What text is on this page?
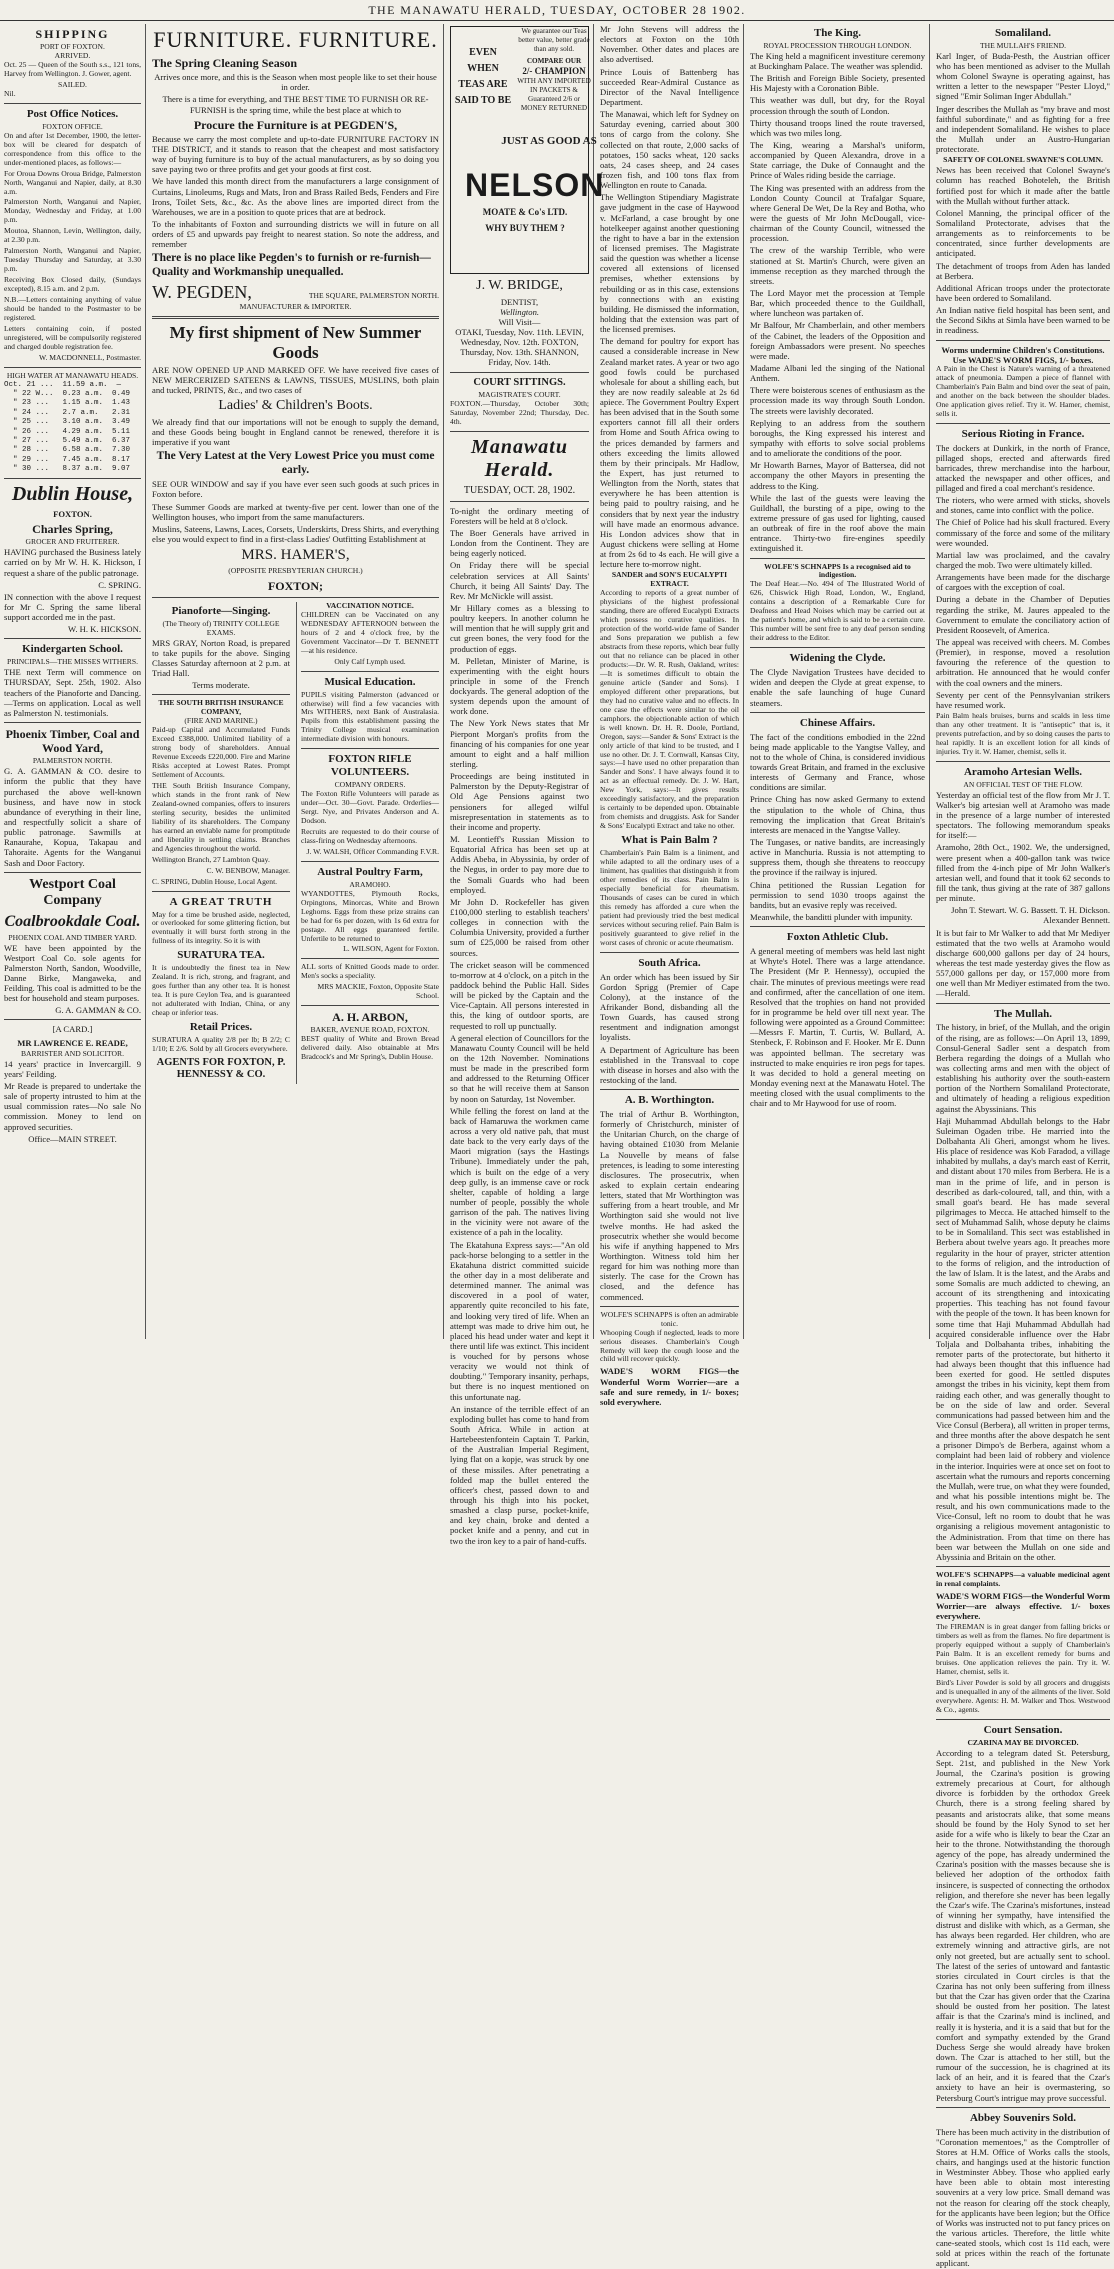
THE MANAWATU HERALD, TUESDAY, OCTOBER 28 1902.
SHIPPING
PORT OF FOXTON.
ARRIVED.

Oct. 25 — Queen of the South s.s., 121 tons, Harvey from Wellington. J. Gower, agent.

SAILED.

Nil.

Post Office Notices.
FOXTON OFFICE.

On and after 1st December, 1900, the letter-box will be cleared for despatch of correspondence from this office to the under-mentioned places, as follows:—

For Oroua Downs Oroua Bridge, Palmerston North, Wanganui and Napier, daily, at 8.30 a.m.

Palmerston North, Wanganui and Napier, Monday, Wednesday and Friday, at 1.00 p.m.

Moutoa, Shannon, Levin, Wellington, daily, at 2.30 p.m.

Palmerston North, Wanganui and Napier, Tuesday Thursday and Saturday, at 3.30 p.m.

Receiving Box Closed daily, (Sundays excepted), 8.15 a.m. and 2 p.m.

N.B.—Letters containing anything of value should be handed to the Postmaster to be registered.

Letters containing coin, if posted unregistered, will be compulsorily registered and charged double registration fee.

W. MACDONNELL, Postmaster.

HIGH WATER AT MANAWATU HEADS.
Oct. 21 ...  11.59 a.m.  —
" 22 W...  0.23 a.m.  0.49
" 23 ...   1.15 a.m.  1.43
" 24 ...   2.7 a.m.   2.31
" 25 ...   3.10 a.m.  3.49
" 26 ...   4.29 a.m.  5.11
" 27 ...   5.49 a.m.  6.37
" 28 ...   6.58 a.m.  7.30
" 29 ...   7.45 a.m.  8.17
" 30 ...   8.37 a.m.  9.07
Dublin House,
FOXTON.
Charles Spring,
GROCER AND FRUITERER.

HAVING purchased the Business lately carried on by Mr W. H. K. Hickson, I request a share of the public patronage.

C. SPRING.

IN connection with the above I request for Mr C. Spring the same liberal support accorded me in the past.

W. H. K. HICKSON.

Kindergarten School.
PRINCIPALS—THE MISSES WITHERS.

THE next Term will commence on THURSDAY, Sept. 25th, 1902. Also teachers of the Pianoforte and Dancing.—Terms on application. Local as well as Palmerston N. testimonials.

Phoenix Timber, Coal and Wood Yard,
PALMERSTON NORTH.

G. A. GAMMAN & CO. desire to inform the public that they have purchased the above well-known business, and have now in stock abundance of everything in their line, and respectfully solicit a share of public patronage. Sawmills at Ranaurahe, Kopua, Takapau and Tahoraite. Agents for the Wanganui Sash and Door Factory.

Westport Coal Company
Coalbrookdale Coal.
PHOENIX COAL AND TIMBER YARD.

WE have been appointed by the Westport Coal Co. sole agents for Palmerston North, Sandon, Woodville, Danne Birke, Mangaweka, and Feilding. This coal is admitted to be the best for household and steam purposes.

G. A. GAMMAN & CO.

[A CARD.]
MR LAWRENCE E. READE,
BARRISTER AND SOLICITOR.

14 years' practice in Invercargill. 9 years' Feilding.

Mr Reade is prepared to undertake the sale of property intrusted to him at the usual commission rates—No sale No commission. Money to lend on approved securities.

Office—MAIN STREET.

FURNITURE. FURNITURE.
The Spring Cleaning Season

Arrives once more, and this is the Season when most people like to set their house in order.

There is a time for everything, and THE BEST TIME TO FURNISH OR RE-FURNISH is the spring time, while the best place at which to

Procure the Furniture is at PEGDEN'S,

Because we carry the most complete and up-to-date FURNITURE FACTORY IN THE DISTRICT, and it stands to reason that the cheapest and most satisfactory way of buying furniture is to buy of the actual manufacturers, as by so doing you save paying two or three profits and get your goods at first cost.

We have landed this month direct from the manufacturers a large consignment of Curtains, Linoleums, Rugs and Mats, Iron and Brass Railed Beds, Fenders and Fire Irons, Toilet Sets, &c., &c. As the above lines are imported direct from the Warehouses, we are in a position to quote prices that are at bedrock.

To the inhabitants of Foxton and surrounding districts we will in future on all orders of £5 and upwards pay freight to nearest station. So note the address, and remember

There is no place like Pegden's to furnish or re-furnish—Quality and Workmanship unequalled.
W. PEGDEN,	THE SQUARE, PALMERSTON NORTH.
MANUFACTURER & IMPORTER.
My first shipment of New Summer Goods

ARE NOW OPENED UP AND MARKED OFF. We have received five cases of NEW MERCERIZED SATEENS & LAWNS, TISSUES, MUSLINS, both plain and tucked, PRINTS, &c., and two cases of

Ladies' & Children's Boots.

We already find that our importations will not be enough to supply the demand, and these Goods being bought in England cannot be renewed, therefore it is imperative if you want

The Very Latest at the Very Lowest Price you must come early.

SEE OUR WINDOW and say if you have ever seen such goods at such prices in Foxton before.

These Summer Goods are marked at twenty-five per cent. lower than one of the Wellington houses, who import from the same manufacturers.

Muslins, Sateens, Lawns, Laces, Corsets, Underskirts, Dress Shirts, and everything else you would expect to find in a first-class Ladies' Outfitting Establishment at

MRS. HAMER'S,
(OPPOSITE PRESBYTERIAN CHURCH.)
FOXTON;
Pianoforte—Singing.
(The Theory of) TRINITY COLLEGE EXAMS.

MRS GRAY, Norton Road, is prepared to take pupils for the above. Singing Classes Saturday afternoon at 2 p.m. at Triad Hall.

Terms moderate.

THE SOUTH BRITISH INSURANCE COMPANY,
(FIRE AND MARINE.)

Paid-up Capital and Accumulated Funds Exceed £388,000. Unlimited liability of a strong body of shareholders. Annual Revenue Exceeds £220,000. Fire and Marine Risks accepted at Lowest Rates. Prompt Settlement of Accounts.

THE South British Insurance Company, which stands in the front rank of New Zealand-owned companies, offers to insurers sterling security, besides the unlimited liability of its shareholders. The Company has earned an enviable name for promptitude and liberality in settling claims. Branches and Agencies throughout the world.

Wellington Branch, 27 Lambton Quay.

C. W. BENBOW, Manager.

C. SPRING, Dublin House, Local Agent.

A GREAT TRUTH

May for a time be brushed aside, neglected, or overlooked for some glittering fiction, but eventually it will burst forth strong in the fullness of its integrity. So it is with

SURATURA TEA.

It is undoubtedly the finest tea in New Zealand. It is rich, strong, and fragrant, and goes further than any other tea. It is honest tea. It is pure Ceylon Tea, and is guaranteed not adulterated with Indian, China, or any cheap or inferior teas.

Retail Prices.

SURATURA A quality 2/8 per lb; B 2/2; C 1/10; E 2/6. Sold by all Grocers everywhere.

AGENTS FOR FOXTON, P. HENNESSY & CO.
VACCINATION NOTICE.

CHILDREN can be Vaccinated on any WEDNESDAY AFTERNOON between the hours of 2 and 4 o'clock free, by the Government Vaccinator—Dr T. BENNETT—at his residence.

Only Calf Lymph used.

Musical Education.

PUPILS visiting Palmerston (advanced or otherwise) will find a few vacancies with Mrs WITHERS, next Bank of Australasia. Pupils from this establishment passing the Trinity College musical examination intermediate division with honours.

FOXTON RIFLE VOLUNTEERS.
COMPANY ORDERS.

The Foxton Rifle Volunteers will parade as under—Oct. 30—Govt. Parade. Orderlies—Sergt. Nye, and Privates Anderson and A. Dodson.

Recruits are requested to do their course of class-firing on Wednesday afternoons.

J. W. WALSH, Officer Commanding F.V.R.

Austral Poultry Farm,
ARAMOHO.

WYANDOTTES, Plymouth Rocks, Orpingtons, Minorcas, White and Brown Leghorns. Eggs from these prize strains can be had for 6s per dozen, with 1s 6d extra for postage. All eggs guaranteed fertile. Unfertile to be returned to

L. WILSON, Agent for Foxton.

ALL sorts of Knitted Goods made to order. Men's socks a speciality.

MRS MACKIE, Foxton, Opposite State School.

A. H. ARBON,
BAKER, AVENUE ROAD, FOXTON.

BEST quality of White and Brown Bread delivered daily. Also obtainable at Mrs Bradcock's and Mr Spring's, Dublin House.

EVEN WHEN TEAS ARE SAID TO BE
We guarantee our Teas better value, better grade than any sold.
COMPARE OUR
2/- CHAMPION
WITH ANY IMPORTED IN PACKETS & Guaranteed 2/6 or MONEY RETURNED
JUST AS GOOD AS
NELSON
MOATE & Co's LTD.
WHY BUY THEM ?
J. W. BRIDGE,
DENTIST,
Wellington.
Will Visit—

OTAKI, Tuesday, Nov. 11th. LEVIN, Wednesday, Nov. 12th. FOXTON, Thursday, Nov. 13th. SHANNON, Friday, Nov. 14th.

COURT SITTINGS.
MAGISTRATE'S COURT.

FOXTON.—Thursday, October 30th; Saturday, November 22nd; Thursday, Dec. 4th.

Manawatu Herald.
TUESDAY, OCT. 28, 1902.

To-night the ordinary meeting of Foresters will be held at 8 o'clock.

The Boer Generals have arrived in London from the Continent. They are being eagerly noticed.

On Friday there will be special celebration services at All Saints' Church, it being All Saints' Day. The Rev. Mr McNickle will assist.

Mr Hillary comes as a blessing to poultry keepers. In another column he will mention that he will supply grit and cut green bones, the very food for the production of eggs.

M. Pelletan, Minister of Marine, is experimenting with the eight hours principle in some of the French dockyards. The general adoption of the system depends upon the amount of work done.

The New York News states that Mr Pierpont Morgan's profits from the financing of his companies for one year amount to eight and a half million sterling.

Proceedings are being instituted in Palmerston by the Deputy-Registrar of Old Age Pensions against two pensioners for alleged wilful misrepresentation in statements as to their income and property.

M. Leontieff's Russian Mission to Equatorial Africa has been set up at Addis Abeba, in Abyssinia, by order of the Negus, in order to pay more due to the Somali Guards who had been employed.

Mr John D. Rockefeller has given £100,000 sterling to establish teachers' colleges in connection with the Columbia University, provided a further sum of £25,000 be raised from other sources.

The cricket season will be commenced to-morrow at 4 o'clock, on a pitch in the paddock behind the Public Hall. Sides will be picked by the Captain and the Vice-Captain. All persons interested in this, the king of outdoor sports, are requested to roll up punctually.

A general election of Councillors for the Manawatu County Council will be held on the 12th November. Nominations must be made in the prescribed form and addressed to the Returning Officer so that he will receive them at Sanson by noon on Saturday, 1st November.

While felling the forest on land at the back of Hamaruwa the workmen came across a very old native pah, that must date back to the very early days of the Maori migration (says the Hastings Tribune). Immediately under the pah, which is built on the edge of a very deep gully, is an immense cave or rock shelter, capable of holding a large number of people, possibly the whole garrison of the pah. The natives living in the vicinity were not aware of the existence of a pah in the locality.

The Ekatahuna Express says:—"An old pack-horse belonging to a settler in the Ekatahuna district committed suicide the other day in a most deliberate and determined manner. The animal was discovered in a pool of water, apparently quite reconciled to his fate, and looking very tired of life. When an attempt was made to drive him out, he placed his head under water and kept it there until life was extinct. This incident is vouched for by persons whose veracity we would not think of doubting." Temporary insanity, perhaps, but there is no inquest mentioned on this unfortunate nag.

An instance of the terrible effect of an exploding bullet has come to hand from South Africa. While in action at Hartebeestenfontein Captain T. Parkin, of the Australian Imperial Regiment, lying flat on a kopje, was struck by one of these missiles. After penetrating a folded map the bullet entered the officer's chest, passed down to and through his thigh into his pocket, smashed a clasp purse, pocket-knife, and key chain, broke and dented a pocket knife and a penny, and cut in two the iron key to a pair of hand-cuffs.

Mr John Stevens will address the electors at Foxton on the 10th November. Other dates and places are also advertised.

Prince Louis of Battenberg has succeeded Rear-Admiral Custance as Director of the Naval Intelligence Department.

The Manawai, which left for Sydney on Saturday evening, carried about 300 tons of cargo from the colony. She collected on that route, 2,000 sacks of potatoes, 150 sacks wheat, 120 sacks oats, 24 cases sheep, and 24 cases frozen fish, and 100 tons flax from Wellington en route to Canada.

The Wellington Stipendiary Magistrate gave judgment in the case of Haywood v. McFarland, a case brought by one hotelkeeper against another questioning the right to have a bar in the extension of licensed premises. The Magistrate said the question was whether a license covered all extensions of licensed premises, whether extensions by rebuilding or as in this case, extensions by connections with an existing building. He dismissed the information, holding that the extension was part of the licensed premises.

The demand for poultry for export has caused a considerable increase in New Zealand market rates. A year or two ago good fowls could be purchased wholesale for about a shilling each, but they are now readily saleable at 2s 6d apiece. The Government Poultry Expert has been advised that in the South some exporters cannot fill all their orders from Home and South Africa owing to the prices demanded by farmers and others exceeding the limits allowed them by their principals. Mr Hadlow, the Expert, has just returned to Wellington from the North, states that everywhere he has been attention is being paid to poultry raising, and he considers that by next year the industry will have made an enormous advance. His London advices show that in August chickens were selling at Home at from 2s 6d to 4s each. He will give a lecture here to-morrow night.

SANDER and SON'S EUCALYPTI EXTRACT.

According to reports of a great number of physicians of the highest professional standing, there are offered Eucalypti Extracts which possess no curative qualities. In protection of the world-wide fame of Sander and Sons preparation we publish a few abstracts from these reports, which bear fully out that no reliance can be placed in other products:—Dr. W. R. Rush, Oakland, writes:—It is sometimes difficult to obtain the genuine article (Sander and Sons). I employed different other preparations, but they had no curative value and no effects. In one case the effects were similar to the oil camphors. the objectionable action of which is well known. Dr. H. R. Doole, Portland, Oregon, says:—Sander & Sons' Extract is the only article of that kind to be trusted, and I use no other. Dr. J. T. Cornwall, Kansas City, says:—I have used no other preparation than Sander and Sons'. I have always found it to act as an effectual remedy. Dr. J. W. Hart, New York, says:—It gives results exceedingly satisfactory, and the preparation is certainly to be depended upon. Obtainable from chemists and druggists. Ask for Sander & Sons' Eucalypti Extract and take no other.

What is Pain Balm ?

Chamberlain's Pain Balm is a liniment, and while adapted to all the ordinary uses of a liniment, has qualities that distinguish it from other remedies of its class. Pain Balm is especially beneficial for rheumatism. Thousands of cases can be cured in which this remedy has afforded a cure when the patient had previously tried the best medical services without securing relief. Pain Balm is positively guaranteed to give relief in the worst cases of chronic or acute rheumatism.

South Africa.

An order which has been issued by Sir Gordon Sprigg (Premier of Cape Colony), at the instance of the Afrikander Bond, disbanding all the Town Guards, has caused strong resentment and indignation amongst loyalists.

A Department of Agriculture has been established in the Transvaal to cope with disease in horses and also with the restocking of the land.

A. B. Worthington.

The trial of Arthur B. Worthington, formerly of Christchurch, minister of the Unitarian Church, on the charge of having obtained £1030 from Melanie La Nouvelle by means of false pretences, is leading to some interesting disclosures. The prosecutrix, when asked to explain certain endearing letters, stated that Mr Worthington was suffering from a heart trouble, and Mr Worthington said she would not live twelve months. He had asked the prosecutrix whether she would become his wife if anything happened to Mrs Worthington. Witness told him her regard for him was nothing more than sisterly. The case for the Crown has closed, and the defence has commenced.

WOLFE'S SCHNAPPS is often an admirable tonic.

Whooping Cough if neglected, leads to more serious diseases. Chamberlain's Cough Remedy will keep the cough loose and the child will recover quickly.

WADE'S WORM FIGS—the Wonderful Worm Worrier—are a safe and sure remedy, in 1/- boxes; sold everywhere.

The King.
ROYAL PROCESSION THROUGH LONDON.

The King held a magnificent investiture ceremony at Buckingham Palace. The weather was splendid.

The British and Foreign Bible Society, presented His Majesty with a Coronation Bible.

This weather was dull, but dry, for the Royal procession through the south of London.

Thirty thousand troops lined the route traversed, which was two miles long.

The King, wearing a Marshal's uniform, accompanied by Queen Alexandra, drove in a State carriage, the Duke of Connaught and the Prince of Wales riding beside the carriage.

The King was presented with an address from the London County Council at Trafalgar Square, where General De Wet, De la Rey and Botha, who were the guests of Mr John McDougall, vice-chairman of the County Council, witnessed the procession.

The crew of the warship Terrible, who were stationed at St. Martin's Church, were given an immense reception as they marched through the streets.

The Lord Mayor met the procession at Temple Bar, which proceeded thence to the Guildhall, where luncheon was partaken of.

Mr Balfour, Mr Chamberlain, and other members of the Cabinet, the leaders of the Opposition and foreign Ambassadors were present. No speeches were made.

Madame Albani led the singing of the National Anthem.

There were boisterous scenes of enthusiasm as the procession made its way through South London. The streets were lavishly decorated.

Replying to an address from the southern boroughs, the King expressed his interest and sympathy with efforts to solve social problems and to ameliorate the conditions of the poor.

Mr Howarth Barnes, Mayor of Battersea, did not accompany the other Mayors in presenting the address to the King.

While the last of the guests were leaving the Guildhall, the bursting of a pipe, owing to the extreme pressure of gas used for lighting, caused an outbreak of fire in the roof above the main entrance. Thirty-two fire-engines speedily extinguished it.

WOLFE'S SCHNAPPS Is a recognised aid to indigestion.

The Deaf Hear.—No. 494 of The Illustrated World of 626, Chiswick High Road, London, W., England, contains a description of a Remarkable Cure for Deafness and Head Noises which may be carried out at the patient's home, and which is said to be a certain cure. This number will be sent free to any deaf person sending their address to the Editor.

Widening the Clyde.

The Clyde Navigation Trustees have decided to widen and deepen the Clyde at great expense, to enable the safe launching of huge Cunard steamers.

Chinese Affairs.

The fact of the conditions embodied in the 22nd being made applicable to the Yangtse Valley, and not to the whole of China, is considered invidious towards Great Britain, and framed in the exclusive interests of Germany and France, whose conditions are similar.

Prince Ching has now asked Germany to extend the stipulation to the whole of China, thus removing the implication that Great Britain's interests are menaced in the Yangtse Valley.

The Tungases, or native bandits, are increasingly active in Manchuria. Russia is not attempting to suppress them, though she threatens to reoccupy the province if the railway is injured.

China petitioned the Russian Legation for permission to send 1030 troops against the bandits, but an evasive reply was received.

Meanwhile, the banditti plunder with impunity.

Foxton Athletic Club.

A general meeting of members was held last night at Whyte's Hotel. There was a large attendance. The President (Mr P. Hennessy), occupied the chair. The minutes of previous meetings were read and confirmed, after the cancellation of one item. Resolved that the trophies on hand not provided for in programme be held over till next year. The following were appointed as a Ground Committee:—Messrs F. Martin, T. Curtis, W. Bullard, A. Stenbeck, F. Robinson and F. Hooker. Mr E. Dunn was appointed bellman. The secretary was instructed to make enquiries re iron pegs for tapes. It was decided to hold a general meeting on Monday evening next at the Manawatu Hotel. The meeting closed with the usual compliments to the chair and to Mr Haywood for use of room.

Somaliland.
THE MULLAH'S FRIEND.

Karl Inger, of Buda-Pesth, the Austrian officer who has been mentioned as adviser to the Mullah whom Colonel Swayne is operating against, has written a letter to the newspaper "Pester Lloyd," signed "Emir Soliman Inger Abdullah."

Inger describes the Mullah as "my brave and most faithful subordinate," and as fighting for a free and independent Somaliland. He wishes to place the Mullah under an Austro-Hungarian protectorate.

SAFETY OF COLONEL SWAYNE'S COLUMN.

News has been received that Colonel Swayne's column has reached Bohoteleh, the British fortified post for which it made after the battle with the Mullah without further attack.

Colonel Manning, the principal officer of the Somaliland Protectorate, advises that the arrangements as to reinforcements to be concentrated, since further developments are anticipated.

The detachment of troops from Aden has landed at Berbera.

Additional African troops under the protectorate have been ordered to Somaliland.

An Indian native field hospital has been sent, and the Second Sikhs at Simla have been warned to be in readiness.

Worms undermine Children's Constitutions. Use WADE'S WORM FIGS, 1/- boxes.

A Pain in the Chest is Nature's warning of a threatened attack of pneumonia. Dampen a piece of flannel with Chamberlain's Pain Balm and bind over the seat of pain, and another on the back between the shoulder blades. One application gives relief. Try it. W. Hamer, chemist, sells it.

Serious Rioting in France.

The dockers at Dunkirk, in the north of France, pillaged shops, erected and afterwards fired barricades, threw merchandise into the harbour, attacked the newspaper and other offices, and pillaged and fired a coal merchant's residence.

The rioters, who were armed with sticks, shovels and stones, came into conflict with the police.

The Chief of Police had his skull fractured. Every commissary of the force and some of the military were wounded.

Martial law was proclaimed, and the cavalry charged the mob. Two were ultimately killed.

Arrangements have been made for the discharge of cargoes with the exception of coal.

During a debate in the Chamber of Deputies regarding the strike, M. Jaures appealed to the Government to emulate the conciliatory action of President Roosevelt, of America.

The appeal was received with cheers. M. Combes (Premier), in response, moved a resolution favouring the reference of the question to arbitration. He announced that he would confer with the coal owners and the miners.

Seventy per cent of the Pennsylvanian strikers have resumed work.

Pain Balm heals bruises, burns and scalds in less time than any other treatment. It is "antiseptic" that is, it prevents putrefaction, and by so doing causes the parts to heal rapidly. It is an excellent lotion for all kinds of injuries. Try it. W. Hamer, chemist, sells it.

Aramoho Artesian Wells.
AN OFFICIAL TEST OF THE FLOW.

Yesterday an official test of the flow from Mr J. T. Walker's big artesian well at Aramoho was made in the presence of a large number of interested spectators. The following memorandum speaks for itself:—

Aramoho, 28th Oct., 1902. We, the undersigned, were present when a 400-gallon tank was twice filled from the 4-inch pipe of Mr John Walker's artesian well, and found that it took 62 seconds to fill the tank, thus giving at the rate of 387 gallons per minute.

John T. Stewart. W. G. Bassett. T. H. Dickson. Alexander Bennett.

It is but fair to Mr Walker to add that Mr Mediyer estimated that the two wells at Aramoho would discharge 600,000 gallons per day of 24 hours, whereas the test made yesterday gives the flow as 557,000 gallons per day, or 157,000 more from one well than Mr Mediyer estimated from the two.—Herald.

The Mullah.

The history, in brief, of the Mullah, and the origin of the rising, are as follows:—On April 13, 1899, Consul-General Sadler sent a despatch from Berbera regarding the doings of a Mullah who was collecting arms and men with the object of establishing his authority over the south-eastern portion of the Northern Somaliland Protectorate, and ultimately of heading a religious expedition against the Abyssinians. This

Haji Muhammad Abdullah belongs to the Habr Suleiman Ogaden tribe. He married into the Dolbahanta Ali Gheri, amongst whom he lives. His place of residence was Kob Faradod, a village inhabited by mullahs, a day's march east of Kerrit, and distant about 170 miles from Berbera. He is a man in the prime of life, and in person is described as dark-coloured, tall, and thin, with a small goat's beard. He has made several pilgrimages to Mecca. He attached himself to the sect of Muhammad Salih, whose deputy he claims to be in Somaliland. This sect was established in Berbera about twelve years ago. It preaches more regularity in the hour of prayer, stricter attention to the forms of religion, and the introduction of the law of Islam. It is the latest, and the Arabs and some Somalis are much addicted to chewing, an account of its strengthening and intoxicating properties. This teaching has not found favour with the people of the town. It has been known for some time that Haji Muhammad Abdullah had acquired considerable influence over the Habr Toljala and Dolbahanta tribes, inhabiting the remoter parts of the protectorate, but hitherto it had always been thought that this influence had been exerted for good. He settled disputes amongst the tribes in his vicinity, kept them from raiding each other, and was generally thought to be on the side of law and order. Several communications had passed between him and the Vice Consul (Berbera), all written in proper terms, and three months after the above despatch he sent a prisoner Dimpo's de Berbera, against whom a complaint had been laid of robbery and violence in the interior. Inquiries were at once set on foot to ascertain what the rumours and reports concerning the Mullah, were true, on what they were founded, and what his possible intentions might be. The result, and his own communications made to the Vice-Consul, left no room to doubt that he was organising a religious movement antagonistic to the Administration. From that time on there has been war between the Mullah on one side and Abyssinia and Britain on the other.

WOLFE'S SCHNAPPS—a valuable medicinal agent in renal complaints.

WADE'S WORM FIGS—the Wonderful Worm Worrier—are always effective. 1/- boxes everywhere.

The FIREMAN is in great danger from falling bricks or timbers as well as from the flames. No fire department is properly equipped without a supply of Chamberlain's Pain Balm. It is an excellent remedy for burns and bruises. One application relieves the pain. Try it. W. Hamer, chemist, sells it.

Bird's Liver Powder is sold by all grocers and druggists and is unequalled in any of the ailments of the liver. Sold everywhere. Agents: H. M. Walker and Thos. Westwood & Co., agents.

Court Sensation.
CZARINA MAY BE DIVORCED.

According to a telegram dated St. Petersburg, Sept. 21st, and published in the New York Journal, the Czarina's position is growing extremely precarious at Court, for although divorce is forbidden by the orthodox Greek Church, there is a strong feeling shared by peasants and aristocrats alike, that some means should be found by the Holy Synod to set her aside for a wife who is likely to bear the Czar an heir to the throne. Notwithstanding the thorough agency of the pope, has already undermined the Czarina's position with the masses because she is believed her adoption of the orthodox faith insincere, is suspected of connecting the orthodox religion, and therefore she never has been legally the Czar's wife. The Czarina's misfortunes, instead of winning her sympathy, have intensified the distrust and dislike with which, as a German, she has always been regarded. Her children, who are extremely winning and attractive girls, are not only not greeted, but are actually sent to school. The latest of the series of untoward and fantastic stories circulated in Court circles is that the Czarina has not only been suffering from illness but that the Czar has given order that the Czarina should be ousted from her position. The latest affair is that the Czarina's mind is inclined, and really it is hysteria, and it is a said that but for the comfort and sympathy extended by the Grand Duchess Serge she would already have broken down. The Czar is attached to her still, but the rumour of the succession, he is chagrined at its lack of an heir, and it is feared that the Czar's anxiety to have an heir is overmastering, so Petersburg Court's intrigue may prove successful.

Abbey Souvenirs Sold.

There has been much activity in the distribution of "Coronation mementoes," as the Comptroller of Stores at H.M. Office of Works calls the stools, chairs, and hangings used at the historic function in Westminster Abbey. Those who applied early have been able to obtain most interesting souvenirs at a very low price. Small demand was not the reason for clearing off the stock cheaply, for the applicants have been legion; but the Office of Works was instructed not to put fancy prices on the various articles. Therefore, the little white cane-seated stools, which cost 1s 11d each, were sold at prices within the reach of the fortunate applicant.
